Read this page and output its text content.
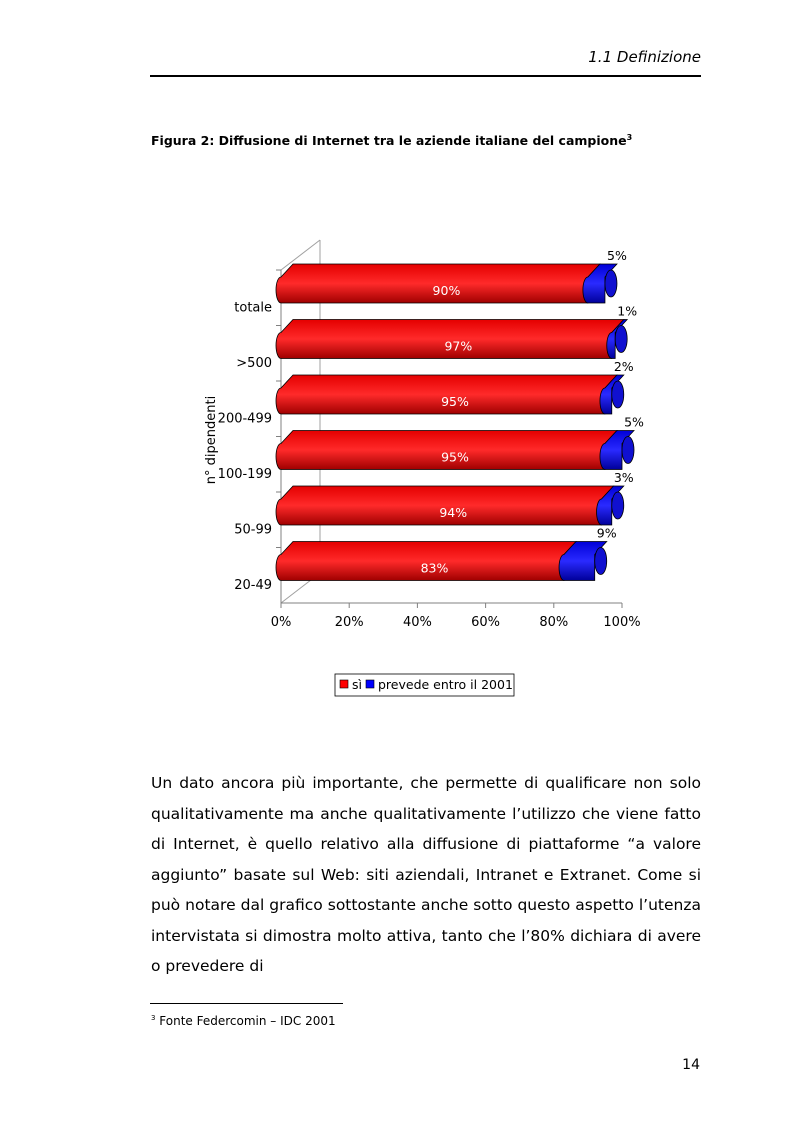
1.1 Definizione
Figura 2: Diffusione di Internet tra le aziende italiane del campione$^3$
n° dipendenti
90%
5%
97%
1%
95%
2%
95%
5%
94%
3%
83%
9%
totale
>500
200-499
100-199
50-99
20-49
0%	20%	40%	60%	80%	100%
sì prevede entro il 2001

Un dato ancora più importante, che permette di qualificare non solo qualitativamente ma anche qualitativamente l’utilizzo che viene fatto di Internet, è quello relativo alla diffusione di piattaforme “a valore aggiunto” basate sul Web: siti aziendali, Intranet e Extranet. Come si può notare dal grafico sottostante anche sotto questo aspetto l’utenza intervistata si dimostra molto attiva, tanto che l’80% dichiara di avere o prevedere di

$^3$ Fonte Federcomin – IDC 2001
14
